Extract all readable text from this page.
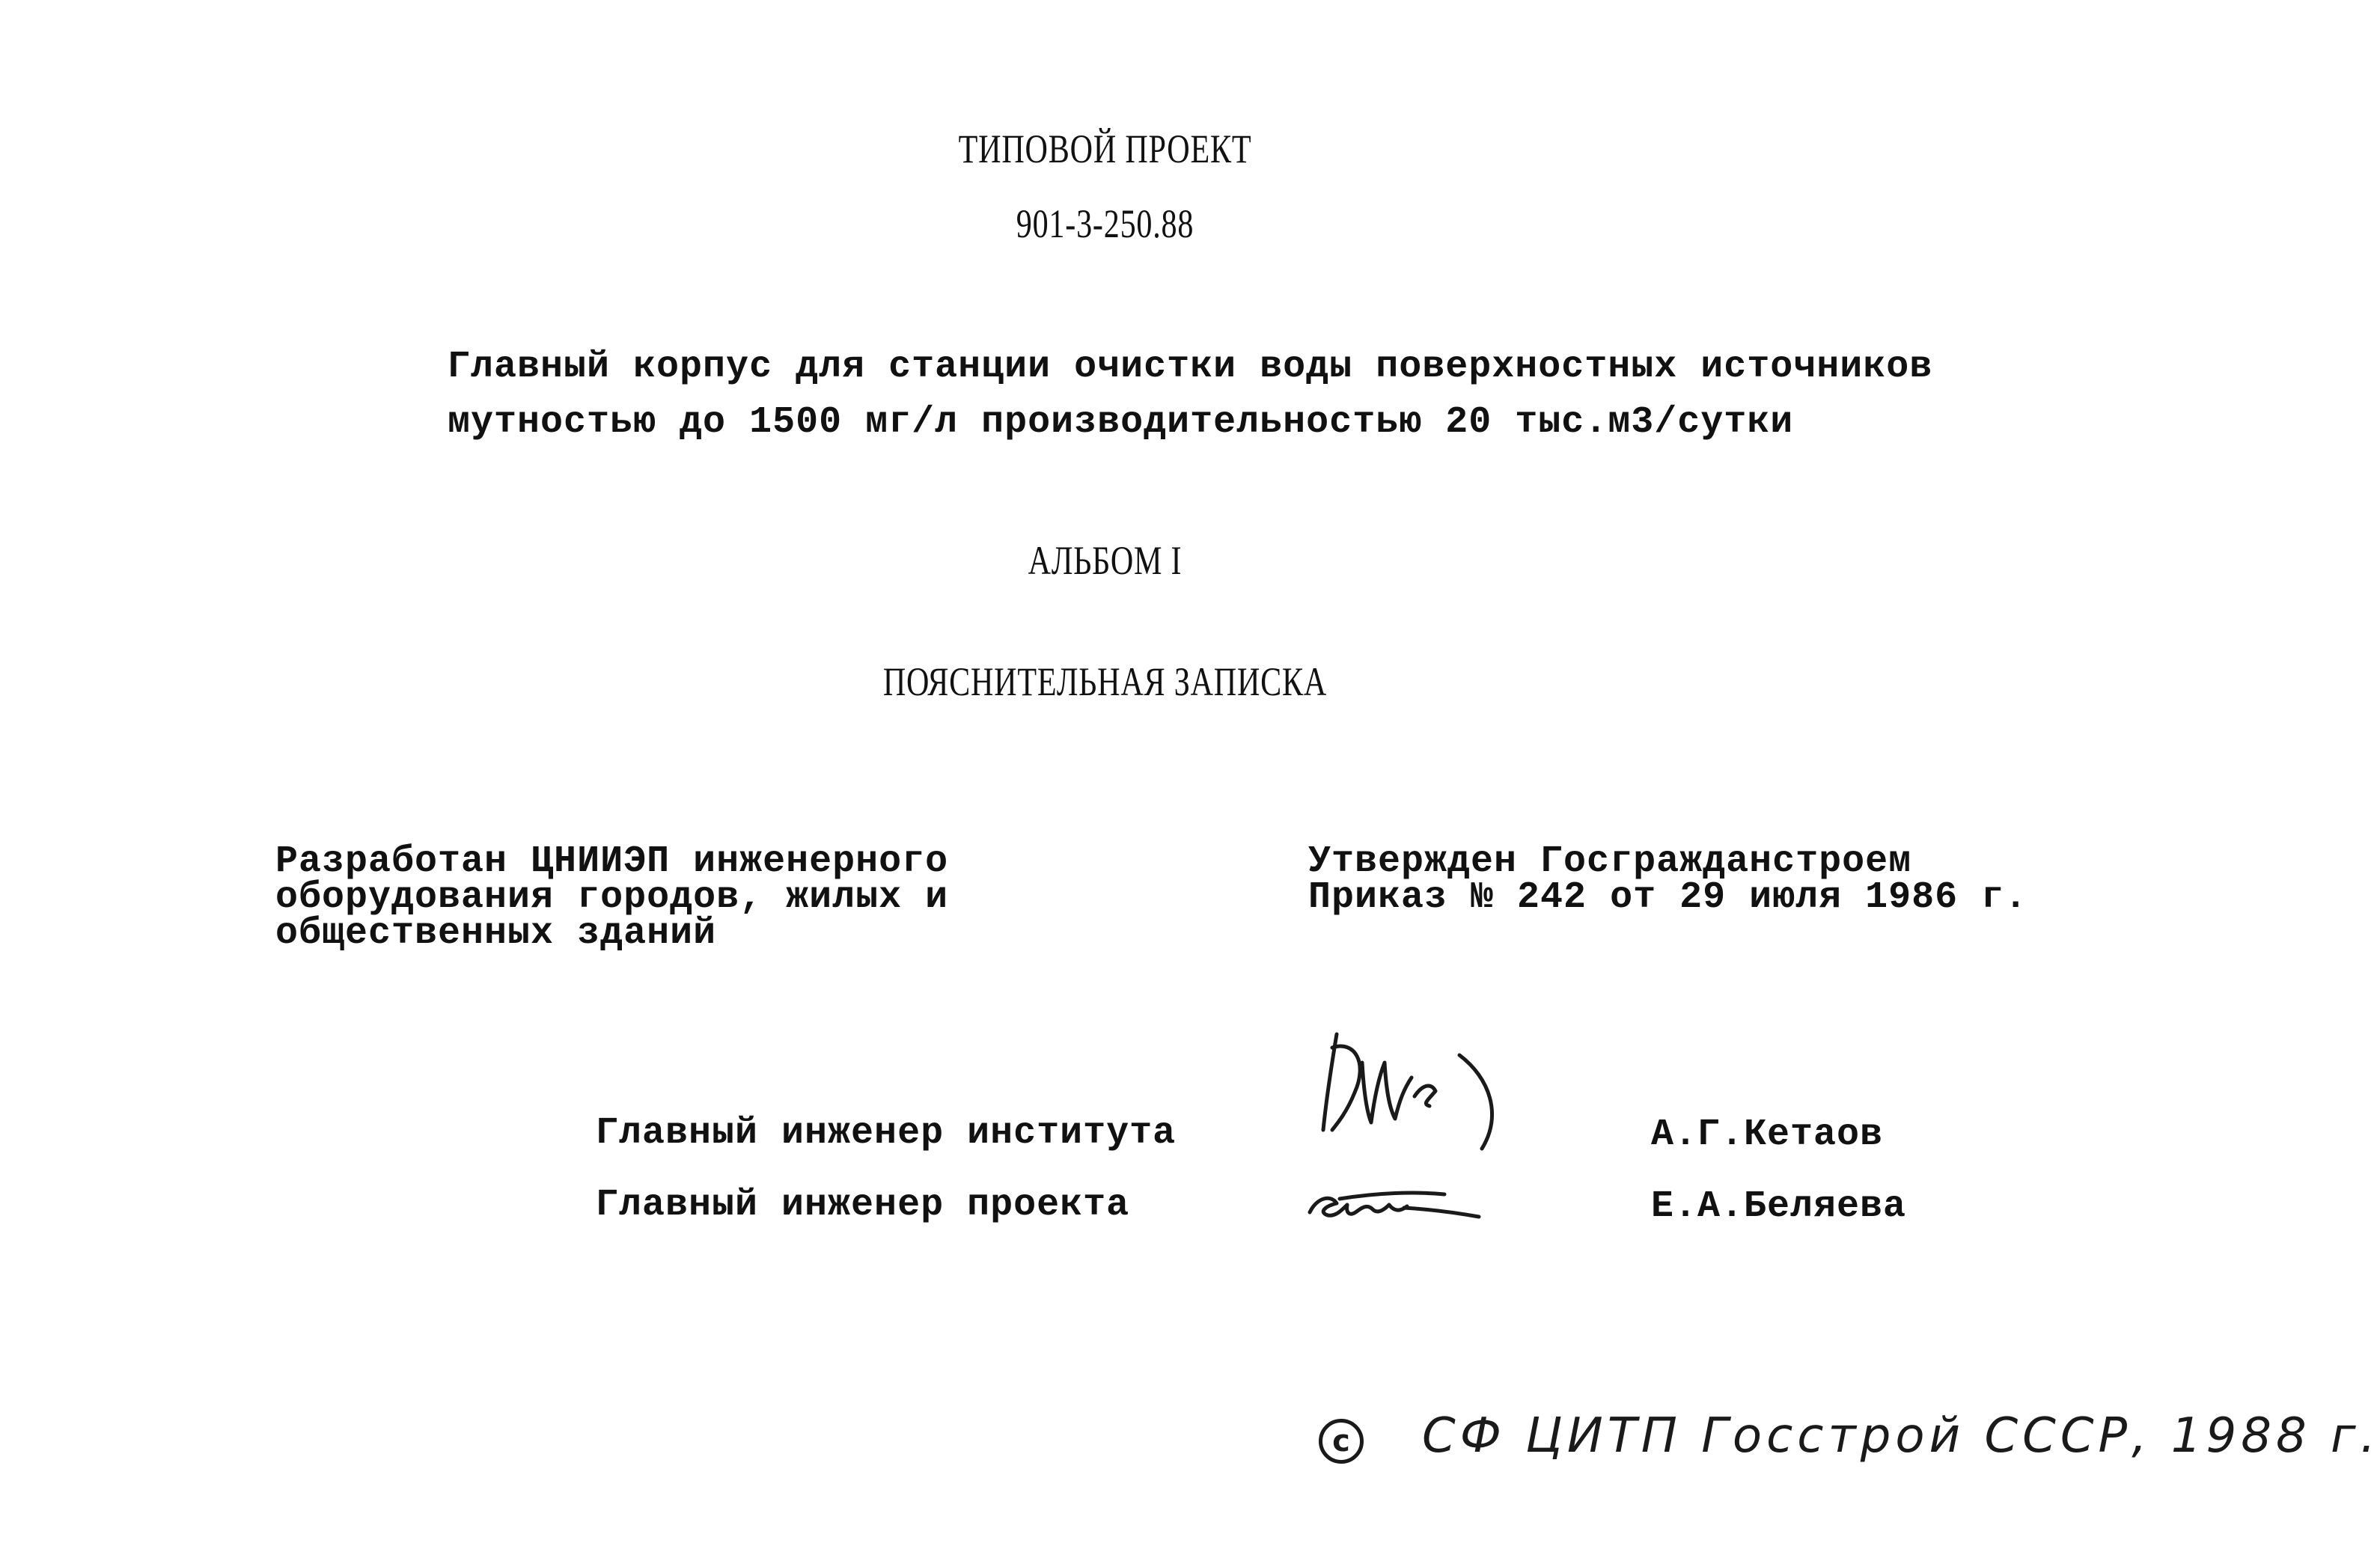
ТИПОВОЙ ПРОЕКТ
901-3-250.88
Главный корпус для станции очистки воды поверхностных источников
мутностью до 1500 мг/л производительностью 20 тыс.м3/сутки
АЛЬБОМ I
ПОЯСНИТЕЛЬНАЯ ЗАПИСКА
Разработан ЦНИИЭП инженерного
оборудования городов, жилых и
общественных зданий
Утвержден Госгражданстроем
Приказ № 242 от 29 июля 1986 г.
Главный инженер института	А.Г.Кетаов
Главный инженер проекта	Е.А.Беляева
c СФ ЦИТП Госстрой СССР, 1988 г.
